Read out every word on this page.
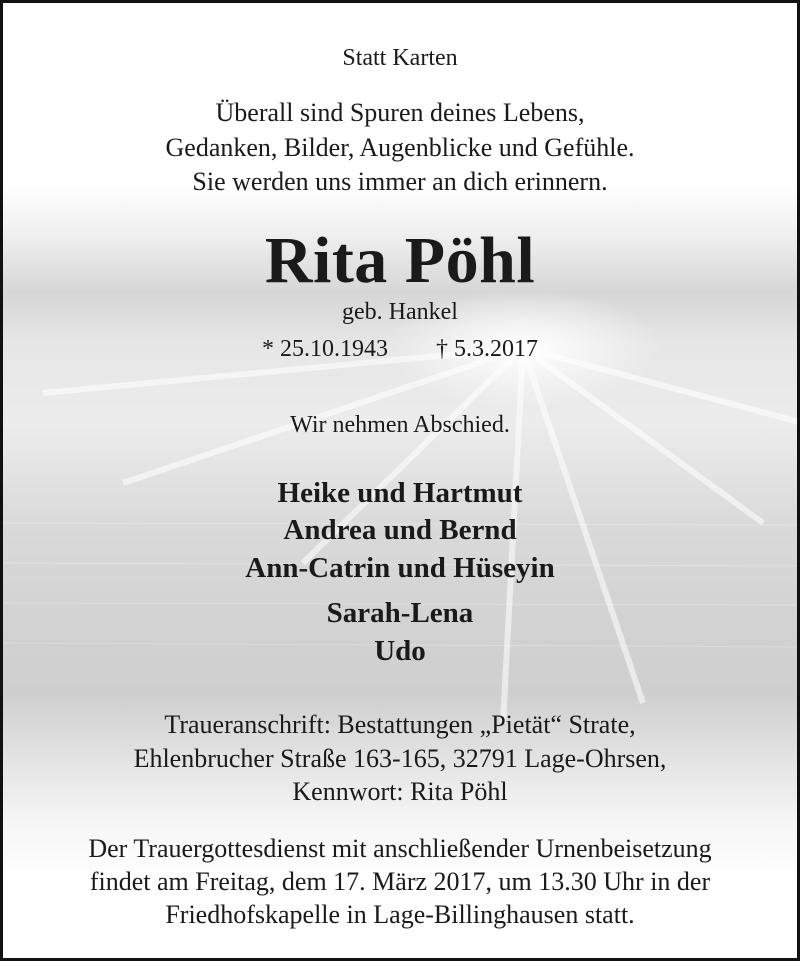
Statt Karten
Überall sind Spuren deines Lebens,
Gedanken, Bilder, Augenblicke und Gefühle.
Sie werden uns immer an dich erinnern.
Rita Pöhl
geb. Hankel
* 25.10.1943 † 5.3.2017
Wir nehmen Abschied.
Heike und Hartmut
Andrea und Bernd
Ann-Catrin und Hüseyin
Sarah-Lena
Udo
Traueranschrift: Bestattungen „Pietät“ Strate,
Ehlenbrucher Straße 163-165, 32791 Lage-Ohrsen,
Kennwort: Rita Pöhl
Der Trauergottesdienst mit anschließender Urnenbeisetzung
findet am Freitag, dem 17. März 2017, um 13.30 Uhr in der
Friedhofskapelle in Lage-Billinghausen statt.
